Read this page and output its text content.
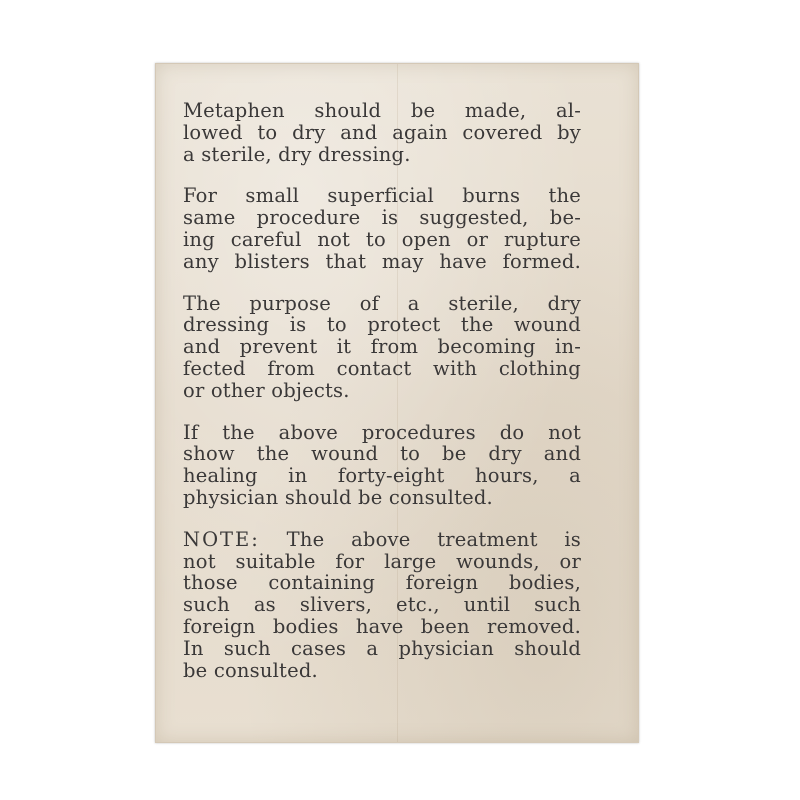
Metaphen should be made, al-
lowed to dry and again covered by
a sterile, dry dressing.

For small superficial burns the
same procedure is suggested, be-
ing careful not to open or rupture
any blisters that may have formed.

The purpose of a sterile, dry
dressing is to protect the wound
and prevent it from becoming in-
fected from contact with clothing
or other objects.

If the above procedures do not
show the wound to be dry and
healing in forty-eight hours, a
physician should be consulted.

NOTE: The above treatment is
not suitable for large wounds, or
those containing foreign bodies,
such as slivers, etc., until such
foreign bodies have been removed.
In such cases a physician should
be consulted.
